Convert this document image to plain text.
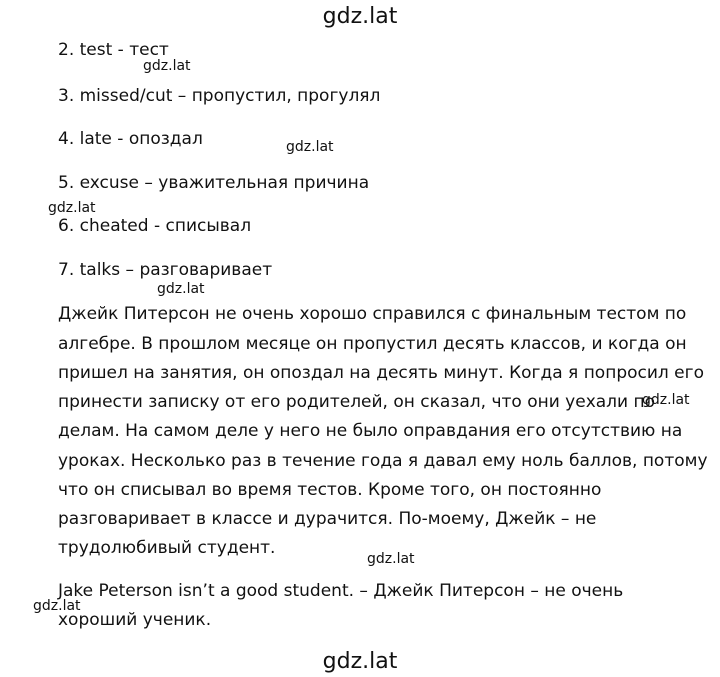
gdz.lat
2. test - тест
gdz.lat
3. missed/cut – пропустил, прогулял
4. late - опоздал	gdz.lat
5. excuse – уважительная причина
gdz.lat
6. cheated - списывал
7. talks – разговаривает
gdz.lat
Джейк Питерсон не очень хорошо справился с финальным тестом по
алгебре. В прошлом месяце он пропустил десять классов, и когда он
пришел на занятия, он опоздал на десять минут. Когда я попросил его
принести записку от его родителей, он сказал, что они уехали по
gdz.lat
делам. На самом деле у него не было оправдания его отсутствию на
уроках. Несколько раз в течение года я давал ему ноль баллов, потому
что он списывал во время тестов. Кроме того, он постоянно
разговаривает в классе и дурачится. По-моему, Джейк – не
трудолюбивый студент.
gdz.lat
Jake Peterson isn’t a good student. – Джейк Питерсон – не очень
gdz.lat
хороший ученик.
gdz.lat
